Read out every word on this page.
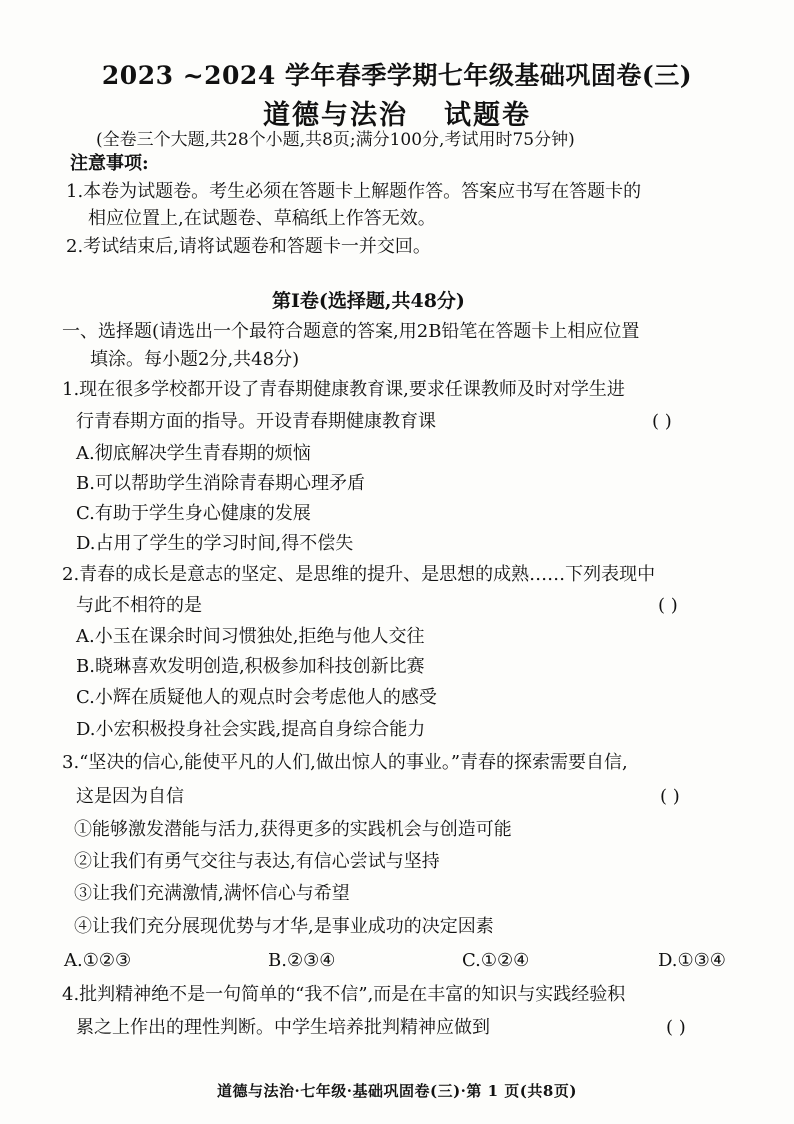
2023 ~2024 学年春季学期七年级基础巩固卷(三)
道德与法治 试题卷
(全卷三个大题,共28个小题,共8页;满分100分,考试用时75分钟)
注意事项:
1.本卷为试题卷。考生必须在答题卡上解题作答。答案应书写在答题卡的
相应位置上,在试题卷、草稿纸上作答无效。
2.考试结束后,请将试题卷和答题卡一并交回。
第Ⅰ卷(选择题,共48分)
一、选择题(请选出一个最符合题意的答案,用2B铅笔在答题卡上相应位置
填涂。每小题2分,共48分)
1.现在很多学校都开设了青春期健康教育课,要求任课教师及时对学生进
行青春期方面的指导。开设青春期健康教育课	( )
A.彻底解决学生青春期的烦恼
B.可以帮助学生消除青春期心理矛盾
C.有助于学生身心健康的发展
D.占用了学生的学习时间,得不偿失
2.青春的成长是意志的坚定、是思维的提升、是思想的成熟……下列表现中
与此不相符的是	( )
A.小玉在课余时间习惯独处,拒绝与他人交往
B.晓琳喜欢发明创造,积极参加科技创新比赛
C.小辉在质疑他人的观点时会考虑他人的感受
D.小宏积极投身社会实践,提高自身综合能力
3.“坚决的信心,能使平凡的人们,做出惊人的事业。”青春的探索需要自信,
这是因为自信	( )
①能够激发潜能与活力,获得更多的实践机会与创造可能
②让我们有勇气交往与表达,有信心尝试与坚持
③让我们充满激情,满怀信心与希望
④让我们充分展现优势与才华,是事业成功的决定因素
A.①②③	B.②③④	C.①②④	D.①③④
4.批判精神绝不是一句简单的“我不信”,而是在丰富的知识与实践经验积
累之上作出的理性判断。中学生培养批判精神应做到	( )
道德与法治·七年级·基础巩固卷(三)·第 1 页(共8页)
